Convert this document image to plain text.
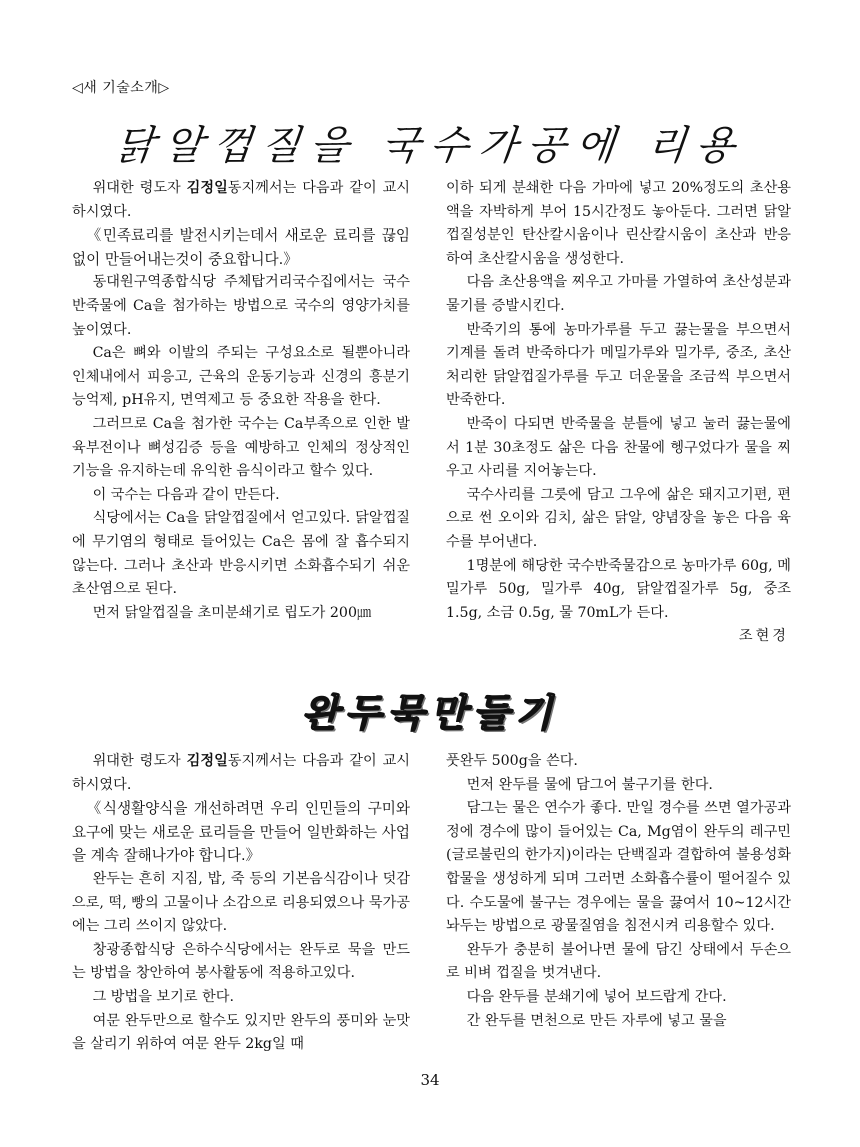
◁새 기술소개▷
닭알껍질을 국수가공에 리용

위대한 령도자 김정일동지께서는 다음과 같이 교시하시였다.

《민족료리를 발전시키는데서 새로운 료리를 끊임없이 만들어내는것이 중요합니다.》

동대원구역종합식당 주체탑거리국수집에서는 국수반죽물에 Ca을 첨가하는 방법으로 국수의 영양가치를 높이였다.

Ca은 뼈와 이발의 주되는 구성요소로 될뿐아니라 인체내에서 피응고, 근육의 운동기능과 신경의 흥분기능억제, pH유지, 면역제고 등 중요한 작용을 한다.

그러므로 Ca을 첨가한 국수는 Ca부족으로 인한 발육부전이나 뼈성김증 등을 예방하고 인체의 정상적인 기능을 유지하는데 유익한 음식이라고 할수 있다.

이 국수는 다음과 같이 만든다.

식당에서는 Ca을 닭알껍질에서 얻고있다. 닭알껍질에 무기염의 형태로 들어있는 Ca은 몸에 잘 흡수되지 않는다. 그러나 초산과 반응시키면 소화흡수되기 쉬운 초산염으로 된다.

먼저 닭알껍질을 초미분쇄기로 립도가 200㎛

이하 되게 분쇄한 다음 가마에 넣고 20%정도의 초산용액을 자박하게 부어 15시간정도 놓아둔다. 그러면 닭알껍질성분인 탄산칼시움이나 린산칼시움이 초산과 반응하여 초산칼시움을 생성한다.

다음 초산용액을 찌우고 가마를 가열하여 초산성분과 물기를 증발시킨다.

반죽기의 통에 농마가루를 두고 끓는물을 부으면서 기계를 돌려 반죽하다가 메밀가루와 밀가루, 중조, 초산처리한 닭알껍질가루를 두고 더운물을 조금씩 부으면서 반죽한다.

반죽이 다되면 반죽물을 분틀에 넣고 눌러 끓는물에서 1분 30초정도 삶은 다음 찬물에 헹구었다가 물을 찌우고 사리를 지어놓는다.

국수사리를 그릇에 담고 그우에 삶은 돼지고기편, 편으로 썬 오이와 김치, 삶은 닭알, 양념장을 놓은 다음 육수를 부어낸다.

1명분에 해당한 국수반죽물감으로 농마가루 60g, 메밀가루 50g, 밀가루 40g, 닭알껍질가루 5g, 중조 1.5g, 소금 0.5g, 물 70mL가 든다.

조현경

완두묵만들기

위대한 령도자 김정일동지께서는 다음과 같이 교시하시였다.

《식생활양식을 개선하려면 우리 인민들의 구미와 요구에 맞는 새로운 료리들을 만들어 일반화하는 사업을 계속 잘해나가야 합니다.》

완두는 흔히 지짐, 밥, 죽 등의 기본음식감이나 덧감으로, 떡, 빵의 고물이나 소감으로 리용되였으나 묵가공에는 그리 쓰이지 않았다.

창광종합식당 은하수식당에서는 완두로 묵을 만드는 방법을 창안하여 봉사활동에 적용하고있다.

그 방법을 보기로 한다.

여문 완두만으로 할수도 있지만 완두의 풍미와 눈맛을 살리기 위하여 여문 완두 2kg일 때

풋완두 500g을 쓴다.

먼저 완두를 물에 담그어 불구기를 한다.

담그는 물은 연수가 좋다. 만일 경수를 쓰면 열가공과정에 경수에 많이 들어있는 Ca, Mg염이 완두의 레구민(글로불린의 한가지)이라는 단백질과 결합하여 불용성화합물을 생성하게 되며 그러면 소화흡수률이 떨어질수 있다. 수도물에 불구는 경우에는 물을 끓여서 10~12시간 놔두는 방법으로 광물질염을 침전시켜 리용할수 있다.

완두가 충분히 불어나면 물에 담긴 상태에서 두손으로 비벼 껍질을 벗겨낸다.

다음 완두를 분쇄기에 넣어 보드랍게 간다.

간 완두를 면천으로 만든 자루에 넣고 물을

34
